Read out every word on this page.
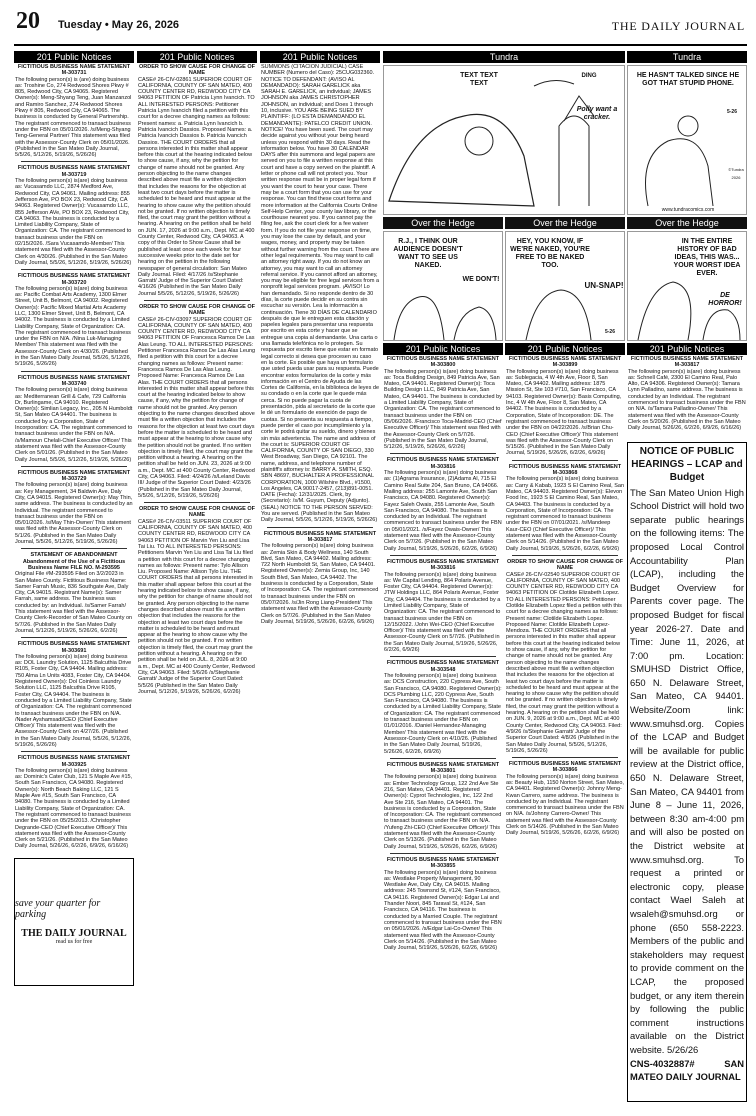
20 Tuesday • May 26, 2026	THE DAILY JOURNAL
201 Public Notices
FICTITIOUS BUSINESS NAME STATEMENT M-303731
The following person(s) is (are) doing business as: Troshine Co, 274 Redwood Shores Pkwy # 805, Redwood City, CA 94065. Registered Owner(s): Meng-Shyang Teng, Juan Manzanzol and Ramiro Sanchez, 274 Redwood Shores Pkwy # 805, Redwood City, CA 94065. The business is conducted by General Partnership. The registrant commenced to transact business under the FBN on 05/01/2026. /s/Meng-Shyang Teng-General Partner/ This statement was filed with the Assessor-County Clerk on 05/01/2026. (Published in the San Mateo Daily Journal, 5/5/26, 5/12/26, 5/19/26, 5/26/26)
FICTITIOUS BUSINESS NAME STATEMENT M-303719
The following person(s) is(are) doing business as: Vucasamdo LLC, 2874 Medford Ave, Redwood City, CA 94061. Mailing address: 855 Jefferson Ave, PO BOX 23, Redwood City, CA 94063. Registered Owner(s): Vucasamdo LLC, 855 Jefferson AVe, PO BOX 23, Redwood City, CA 94063. The business is conducted by a Limited Liability Company, State of Organization: CA. The registrant commenced to transact business under the FBN on 02/15/2026. /Sara Vucasamdo-Member/ This statement was filed with the Assessor-County Clerk on 4/30/26. (Published in the San Mateo Daily Journal, 5/5/26, 5/12/26, 5/19/26, 5/26/26)
FICTITIOUS BUSINESS NAME STATEMENT M-303720
The following person(s) is(are) doing business as: Pacific Combat Arts Academy, 1300 Elmer Street, Unit B, Belmont, CA 94002. Registered Owner(s): Pacific Mixed Martial Arts Academy LLC, 1300 Elmer Street, Unit B, Belmont, CA 94002. The business is conducted by a Limited Liability Company, State of Organization: CA. The registrant commenced to transact business under the FBN on N/A. /Nina Luk-Managing Member/ This statement was filed with the Assessor-County Clerk on 4/30/26. (Published in the San Mateo Daily Journal, 5/5/26, 5/12/26, 5/19/26, 5/26/26)
FICTITIOUS BUSINESS NAME STATEMENT M-303740
The following person(s) is(are) doing business as: Mediterranean Grill & Cafe, 729 California Dr, Burlingame, CA 94010. Registered Owner(s): Simlian Legacy, Inc., 205 N Humboldt St, San Mateo CA 94401. The business is conducted by a Corporation, State of Incorporation: CA. The registrant commenced to transact business under the FBN on N/A. /s/Mamoun Chelali-Chief Executive Officer/ This statement was filed with the Assessor-County Clerk on 5/01/26. (Published in the San Mateo Daily Journal, 5/5/26, 5/12/26, 5/19/26, 5/26/26)
FICTITIOUS BUSINESS NAME STATEMENT M-303729
The following person(s) is(are) doing business as: Key Management, 34 Baldwin Ave, Daly City, CA 94015. Registered Owner(s): May Thin, same address. The business is conducted by an Individual. The registrant commenced to transact business under the FBN on 05/01/2026. /s/May Thin-Owner/ This statement was filed with the Assessor-County Clerk on 5/1/26. (Published in the San Mateo Daily Journal, 5/5/26, 5/12/26, 5/19/26, 5/26/26)
STATEMENT OF ABANDONMENT Abandonment of the Use of a Fictitious Business Name FILE NO. M-293595
Original File #M-293595 Filed on 3/2/2023 in San Mateo County. Fictitious Business Name: Samer Farrah Music, 836 Southgate Ave, Daly City, CA 94015. Registrant Name(s): Samer Farrah, same address. The business was conducted by: an Individual. /s/Samer Farrah/ This statement was filed with the Assessor-County Clerk-Recorder of San Mateo County on 5/7/26. (Published in the San Mateo Daily Journal, 5/12/26, 5/19/26, 5/26/26, 6/2/26)
FICTITIOUS BUSINESS NAME STATEMENT M-303691
The following person(s) is(are) doing business as: DOL Laundry Solution, 1125 Balcuthia Drive R105, Foster City, CA 94404. Mailing address: 750 Alma Ln Units 4083, Foster City, CA 94404. Registered Owner(s): Dol Coinless Laundry Solution LLC, 1125 Balcuthia Drive R105, Foster City, CA 94404. The business is conducted by a Limited Liability Company, State of Organization: CA. The registrant commenced to transact business under the FBN on N/A. /Nader Ayshamsadi/CEO (Chief Executive Officer)/ This statement was filed with the Assessor-County Clerk on 4/27/26. (Published in the San Mateo Daily Journal, 5/5/26, 5/12/26, 5/19/26, 5/26/26)
FICTITIOUS BUSINESS NAME STATEMENT M-303925
The following person(s) is(are) doing business as: Dominic's Cater Club, 121 S Maple Ave #15, South San Francisco, CA 94080. Registered Owner(s): North Beach Baking LLC, 121 S Maple Ave #15, South San Francisco, CA 94080. The business is conducted by a Limited Liability Company, State of Organization: CA. The registrant commenced to transact business under the FBN on 05/25/2013. /Christopher Degrande-CEO (Chief Executive Officer)/ This statement was filed with the Assessor-County Clerk on 5/21/26. (Published in the San Mateo Daily Journal, 5/26/26, 6/2/26, 6/9/26, 6/16/26)
save your quarter for parking
THE DAILY JOURNAL
read us for free
201 Public Notices
ORDER TO SHOW CAUSE FOR CHANGE OF NAME
CASE# 26-CIV-02861 SUPERIOR COURT OF CALIFORNIA, COUNTY OF SAN MATEO, 400 COUNTY CENTER RD, REDWOOD CITY CA 94063 PETITION OF Patricia Lynn Ivancich. TO ALL INTERESTED PERSONS: Petitioner Patricia Lynn Ivancich filed a petition with this court for a decree changing names as follows: Present names: a. Patricia Lynn Ivancich b. Patricia Ivancich Dassios. Proposed Names: a. Patricia Ivancich Dassios b. Patricia Ivancich Dassios. THE COURT ORDERS that all persons interested in this matter shall appear before this court at the hearing indicated below to show cause, if any, why the petition for change of name should not be granted. Any person objecting to the name changes described above must file a written objection that includes the reasons for the objection at least two court days before the matter is scheduled to be heard and must appear at the hearing to show cause why the petition should not be granted. If no written objection is timely filed, the court may grant the petition without a hearing. A hearing on the petition shall be held on JUN. 17, 2026 at 9:00 a.m., Dept. MC at 400 County Center, Redwood City, CA 94063. A copy of this Order to Show Cause shall be published at least once each week for four successive weeks prior to the date set for hearing on the petition in the following newspaper of general circulation: San Mateo Daily Journal. Filed: 4/17/26 /s/Stephanie Garratt/ Judge of the Superior Court Dated: 4/16/26 (Published in the San Mateo Daily Journal 5/5/26, 5/12/26, 5/19/26, 5/26/26)
ORDER TO SHOW CAUSE FOR CHANGE OF NAME
CASE# 26-CIV-03097 SUPERIOR COURT OF CALIFORNIA, COUNTY OF SAN MATEO, 400 COUNTY CENTER RD, REDWOOD CITY CA 94063 PETITION OF Francesca Ramos De Las Alas Leung. TO ALL INTERESTED PERSONS: Petitioner Francesca Ramos De Las Alas Leung filed a petition with this court for a decree changing names as follows: Present name: Francesca Ramos De Las Alas Leung. Proposed Name: Francesca Ramos De Las Alas. THE COURT ORDERS that all persons interested in this matter shall appear before this court at the hearing indicated below to show cause, if any, why the petition for change of name should not be granted. Any person objecting to the name changes described above must file a written objection that includes the reasons for the objection at least two court days before the matter is scheduled to be heard and must appear at the hearing to show cause why the petition should not be granted. If no written objection is timely filed, the court may grant the petition without a hearing. A hearing on the petition shall be held on JUN. 23, 2026 at 9:00 a.m., Dept. MC at 400 County Center, Redwood City, CA 94063. Filed: 4/24/26 /s/Leland Davis III/ Judge of the Superior Court Dated: 4/23/26 (Published in the San Mateo Daily Journal, 5/5/26, 5/12/26, 5/19/26, 5/26/26)
ORDER TO SHOW CAUSE FOR CHANGE OF NAME
CASE# 26-CIV-03511 SUPERIOR COURT OF CALIFORNIA, COUNTY OF SAN MATEO, 400 COUNTY CENTER RD, REDWOOD CITY CA 94063 PETITION OF Marvin Yen Liu and Lisa Tai Liu. TO ALL INTERESTED PERSONS: Petitioners Marvin Yen Liu and Lisa Tai Liu filed a petition with this court for a decree changing names as follows: Present name: Tylo Allison Liu. Proposed Name: Allison Tylo Liu. THE COURT ORDERS that all persons interested in this matter shall appear before this court at the hearing indicated below to show cause, if any, why the petition for change of name should not be granted. Any person objecting to the name changes described above must file a written objection that includes the reasons for the objection at least two court days before the matter is scheduled to be heard and must appear at the hearing to show cause why the petition should not be granted. If no written objection is timely filed, the court may grant the petition without a hearing. A hearing on the petition shall be held on JUL. 8, 2026 at 9:00 a.m., Dept. MC at 400 County Center, Redwood City, CA 94063. Filed: 5/6/26 /s/Stephanie Garratt/ Judge of the Superior Court Dated: 5/5/26 (Published in the San Mateo Daily Journal, 5/12/26, 5/19/26, 5/26/26, 6/2/26)
201 Public Notices
SUMMONS (CITACION JUDICIAL) CASE NUMBER (Numero del Caso): 25CUG032360. NOTICE TO DEFENDANT: (AVISO AL DEMANDADO): SARAH GARELICK aka SARAH E. GARELICK, an individual; JAMES JOHNSON aka JAMES CHRISTOPHER JOHNSON, an individual; and Does 1 through 10, inclusive. YOU ARE BEING SUED BY PLAINTIFF: (LO ESTA DEMANDANDO EL DEMANDANTE): PATELCO CREDIT UNION. NOTICE! You have been sued. The court may decide against you without your being heard unless you respond within 30 days. Read the information below. You have 30 CALENDAR DAYS after this summons and legal papers are served on you to file a written response at this court and have a copy served on the plaintiff. A letter or phone call will not protect you. Your written response must be in proper legal form if you want the court to hear your case. There may be a court form that you can use for your response. You can find these court forms and more information at the California Courts Online Self-Help Center, your county law library, or the courthouse nearest you. If you cannot pay the filing fee, ask the court clerk for a fee waiver form. If you do not file your response on time, you may lose the case by default, and your wages, money, and property may be taken without further warning from the court. There are other legal requirements. You may want to call an attorney right away. If you do not know an attorney, you may want to call an attorney referral service. If you cannot afford an attorney, you may be eligible for free legal services from a nonprofit legal services program. ¡AVISO! Lo han demandado. Si no responde dentro de 30 días, la corte puede decidir en su contra sin escuchar su versión. Lea la información a continuación. Tiene 30 DÍAS DE CALENDARIO después de que le entreguen esta citación y papeles legales para presentar una respuesta por escrito en esta corte y hacer que se entregue una copia al demandante. Una carta o una llamada telefónica no lo protegen. Su respuesta por escrito tiene que estar en formato legal correcto si desea que procesen su caso en la corte. Es posible que haya un formulario que usted pueda usar para su respuesta. Puede encontrar estos formularios de la corte y más información en el Centro de Ayuda de las Cortes de California, en la biblioteca de leyes de su condado o en la corte que le quede más cerca. Si no puede pagar la cuota de presentación, pida al secretario de la corte que le dé un formulario de exención de pago de cuotas. Si no presenta su respuesta a tiempo, puede perder el caso por incumplimiento y la corte le podrá quitar su sueldo, dinero y bienes sin más advertencia. The name and address of the court is: SUPERIOR COURT OF CALIFORNIA, COUNTY OF SAN DIEGO, 330 West Broadway, San Diego, CA 92101. The name, address, and telephone number of plaintiff's attorney is: BARRY A. SMITH, ESQ. SBN 48697, BUCHALTER A PROFESSIONAL CORPORATION, 1000 Wilshire Blvd., #1500, Los Angeles, CA 90017-2457, (213)891-0051. DATE (Fecha): 12/31/2025. Clerk, by (Secretario): /s/M. Guyum, Deputy (Adjunto). (SEAL) NOTICE TO THE PERSON SERVED: You are served. (Published in the San Mateo Daily Journal, 5/5/26, 5/12/26, 5/19/26, 5/26/26)
FICTITIOUS BUSINESS NAME STATEMENT M-303817
The following person(s) is(are) doing business as: Zemia Skin & Body Wellness, 140 South Blvd, San Mateo, CA 94402. Mailing address: 722 North Humboldt St, San Mateo, CA 94401. Registered Owner(s): Zemia Group, Inc, 140 South Blvd, San Mateo, CA 94402. The business is conducted by a Corporation, State of Incorporation: CA. The registrant commenced to transact business under the FBN on 05/07/2026. /s/Jin Rong Liang-President/ This statement was filed with the Assessor-County Clerk on 5/7/26. (Published in the San Mateo Daily Journal, 5/19/26, 5/26/26, 6/2/26, 6/9/26)
Tundra	Tundra
TEXT TEXT TEXT
DING
Polly want a cracker.
HE HASN'T TALKED SINCE HE GOT THAT STUPID PHONE.
5-26
www.tundracomics.com
©Tundra 2026
Over the Hedge	Over the Hedge	Over the Hedge
R.J., I THINK OUR AUDIENCE DOESN'T WANT TO SEE US NAKED.
WE DON'T!
HEY, YOU KNOW, IF WE'RE NAKED, YOU'RE FREE TO BE NAKED TOO.
UN-SNAP!
5-26
IN THE ENTIRE HISTORY OF BAD IDEAS, THIS WAS... YOUR WORST IDEA EVER.
DE HORROR!
201 Public Notices
FICTITIOUS BUSINESS NAME STATEMENT M-303800
The following person(s) is(are) doing business as: Toca Building Design, 849 Patricia Ave, San Mateo, CA 94401. Registered Owner(s): Toca Building Design LLC, 849 Patricia Ave, San Mateo, CA 94401. The business is conducted by a Limited Liability Company, State of Organization: CA. The registrant commenced to transact business under the FBN on 05/06/2026. /Francisco Toca-Madrid-CEO (Chief Executive Officer)/ This statement was filed with the Assessor-County Clerk on 5/7/26. (Published in the San Mateo Daily Journal, 5/12/26, 5/19/26, 5/26/26, 6/2/26)
FICTITIOUS BUSINESS NAME STATEMENT M-303816
The following person(s) is(are) doing business as: (1)Agrama Insurance, (2)Adams Al, 715 El Camino Real Suite 204, San Bruno, CA 94066. Mailing address: 255 Lamonte Ave, South San Francisco, CA 94080. Registered Owner(s): Fayez Saleh Owais, 255 Lamonte Ave, South San Francisco, CA 94080. The business is conducted by an Individual. The registrant commenced to transact business under the FBN on 05/01/2021. /s/Fayez Owais-Owner/ This statement was filed with the Assessor-County Clerk on 5/7/26. (Published in the San Mateo Daily Journal, 5/19/26, 5/26/26, 6/2/26, 6/9/26)
FICTITIOUS BUSINESS NAME STATEMENT M-303816
The following person(s) is(are) doing business as: We Capital Lending, 864 Polaris Avenue, Foster City, CA 94404. Registered Owner(s): JTW Holdings LLC, 864 Polaris Avenue, Foster City, CA 94404. The business is conducted by a Limited Liability Company, State of Organization: CA. The registrant commenced to transact business under the FBN on 12/15/2022. /John Wei-CEO (Chief Executive Officer)/ This statement was filed with the Assessor-County Clerk on 5/7/26. (Published in the San Mateo Daily Journal, 5/19/26, 5/26/26, 6/2/26, 6/9/26)
FICTITIOUS BUSINESS NAME STATEMENT M-303548
The following person(s) is(are) doing business as: DCS Construction, 220 Cypress Ave, South San Francisco, CA 94080. Registered Owner(s): DCS Plumbing LLC, 220 Cypress Ave, South San Francisco, CA 94080. The business is conducted by a Limited Liability Company, State of Organization: CA. The registrant commenced to transact business under the FBN on 01/01/2016. /Daniel Hernandez-Managing Member/ This statement was filed with the Assessor-County Clerk on 4/10/26. (Published in the San Mateo Daily Journal, 5/19/26, 5/26/26, 6/2/26, 6/9/26)
FICTITIOUS BUSINESS NAME STATEMENT M-303801
The following person(s) is(are) doing business as: Ember Technology Group, 122 2nd Ave Ste 216, San Mateo, CA 94401. Registered Owner(s): Cyprot Technologies, Inc, 122 2nd Ave Ste 216, San Mateo, CA 94401. The business is conducted by a Corporation, State of Incorporation: CA. The registrant commenced to transact business under the FBN on N/A. /Yufeng Zhi-CEO (Chief Executive Officer)/ This statement was filed with the Assessor-County Clerk on 5/13/26. (Published in the San Mateo Daily Journal, 5/19/26, 5/26/26, 6/2/26, 6/9/26)
FICTITIOUS BUSINESS NAME STATEMENT M-303855
The following person(s) is(are) doing business as: Westlake Property Management, 90 Westlake Ave, Daly City, CA 94015. Mailing address: 245 Townsnd St, #124, San Francisco, CA 94116. Registered Owner(s): Edgar Lai and Thander Noori, 845 Taraval St, #124, San Francisco, CA 94116. The business is conducted by a Married Couple. The registrant commenced to transact business under the FBN on 05/01/2026. /s/Edgar Lai-Co-Owner/ This statement was filed with the Assessor-County Clerk on 5/14/26. (Published in the San Mateo Daily Journal, 5/19/26, 5/26/26, 6/2/26, 6/9/26)
201 Public Notices
FICTITIOUS BUSINESS NAME STATEMENT M-303899
The following person(s) is(are) doing business as: Sublegacia, 4 W 4th Ave, Floor 8, San Mateo, CA 94402. Mailing address: 1875 Mission St, Ste 103 #710, San Francisco, CA 94103. Registered Owner(s): Basis Computing, Inc, 4 W 4th Ave, Floor 8, San Mateo, CA 94402. The business is conducted by a Corporation, State of Incorporation: DE. The registrant commenced to transact business under the FBN on 04/22/2026. /s/Brian Chu-CEO (Chief Executive Officer)/ This statement was filed with the Assessor-County Clerk on 5/15/26. (Published in the San Mateo Daily Journal, 5/19/26, 5/26/26, 6/2/26, 6/9/26)
FICTITIOUS BUSINESS NAME STATEMENT M-303868
The following person(s) is(are) doing business as: Carry & Kabab, 1923 S El Camino Real, San Mateo, CA 94403. Registered Owner(s): Elevon Food Inc, 1923 S El Camino Real, San Mateo, CA 94403. The business is conducted by a Corporation, State of Incorporation: CA. The registrant commenced to transact business under the FBN on 07/01/2021. /s/Mandeep Kaur-CEO (Chief Executive Officer)/ This statement was filed with the Assessor-County Clerk on 5/14/26. (Published in the San Mateo Daily Journal, 5/19/26, 5/26/26, 6/2/26, 6/9/26)
ORDER TO SHOW CAUSE FOR CHANGE OF NAME
CASE# 26-CIV-02540 SUPERIOR COURT OF CALIFORNIA, COUNTY OF SAN MATEO, 400 COUNTY CENTER RD, REDWOOD CITY CA 94063 PETITION OF Clotilde Elizabeth Lopez. TO ALL INTERESTED PERSONS: Petitioner Clotilde Elizabeth Lopez filed a petition with this court for a decree changing names as follows: Present name: Clotilde Elizabeth Lopez. Proposed Name: Clotilde Elizabeth Lopez-Mendoza. THE COURT ORDERS that all persons interested in this matter shall appear before this court at the hearing indicated below to show cause, if any, why the petition for change of name should not be granted. Any person objecting to the name changes described above must file a written objection that includes the reasons for the objection at least two court days before the matter is scheduled to be heard and must appear at the hearing to show cause why the petition should not be granted. If no written objection is timely filed, the court may grant the petition without a hearing. A hearing on the petition shall be held on JUN. 9, 2026 at 9:00 a.m., Dept. MC at 400 County Center, Redwood City, CA 94063. Filed: 4/9/26 /s/Stephanie Garratt/ Judge of the Superior Court Dated: 4/8/26 (Published in the San Mateo Daily Journal, 5/5/26, 5/12/26, 5/19/26, 5/26/26)
FICTITIOUS BUSINESS NAME STATEMENT M-303866
The following person(s) is(are) doing business as: Beauty Hub, 1150 Norton Street, San Mateo, CA 94401. Registered Owner(s): Johnny Meng-Kwan Carrero, same address. The business is conducted by an Individual. The registrant commenced to transact business under the FBN on N/A. /s/Johnny Carrero-Owner/ This statement was filed with the Assessor-County Clerk on 5/14/26. (Published in the San Mateo Daily Journal, 5/19/26, 5/26/26, 6/2/26, 6/9/26)
201 Public Notices
FICTITIOUS BUSINESS NAME STATEMENT M-303817
The following person(s) is(are) doing business as: Schnell Café, 2300 El Camino Real, Palo Alto, CA 94306. Registered Owner(s): Tamara Lynn Palladino, same address. The business is conducted by an Individual. The registrant commenced to transact business under the FBN on N/A. /s/Tamara Palladino-Owner/ This statement was filed with the Assessor-County Clerk on 5/20/26. (Published in the San Mateo Daily Journal, 5/26/26, 6/2/26, 6/9/26, 6/16/26)
NOTICE OF PUBLIC HEARINGS – LCAP and Budget
The San Mateo Union High School District will hold two separate public hearings on the following items: The proposed Local Control Accountability Plan (LCAP), including the Budget Overview for Parents cover page. The proposed Budget for fiscal year 2026-27. Date and Time: June 11, 2026, at 7:00 pm. Location: SMUHSD District Office, 650 N. Delaware Street, San Mateo, CA 94401. Website/Zoom link: www.smuhsd.org. Copies of the LCAP and Budget will be available for public review at the District office, 650 N. Delaware Street, San Mateo, CA 94401 from June 8 – June 11, 2026, between 8:30 am-4:00 pm and will also be posted on the District website at www.smuhsd.org. To request a printed or electronic copy, please contact Wael Saleh at wsaleh@smuhsd.org or phone (650 558-2223. Members of the public and stakeholders may request to provide comment on the LCAP, the proposed budget, or any item therein by following the public comment instructions available on the District website. 5/26/26
CNS-4032887# SAN MATEO DAILY JOURNAL
